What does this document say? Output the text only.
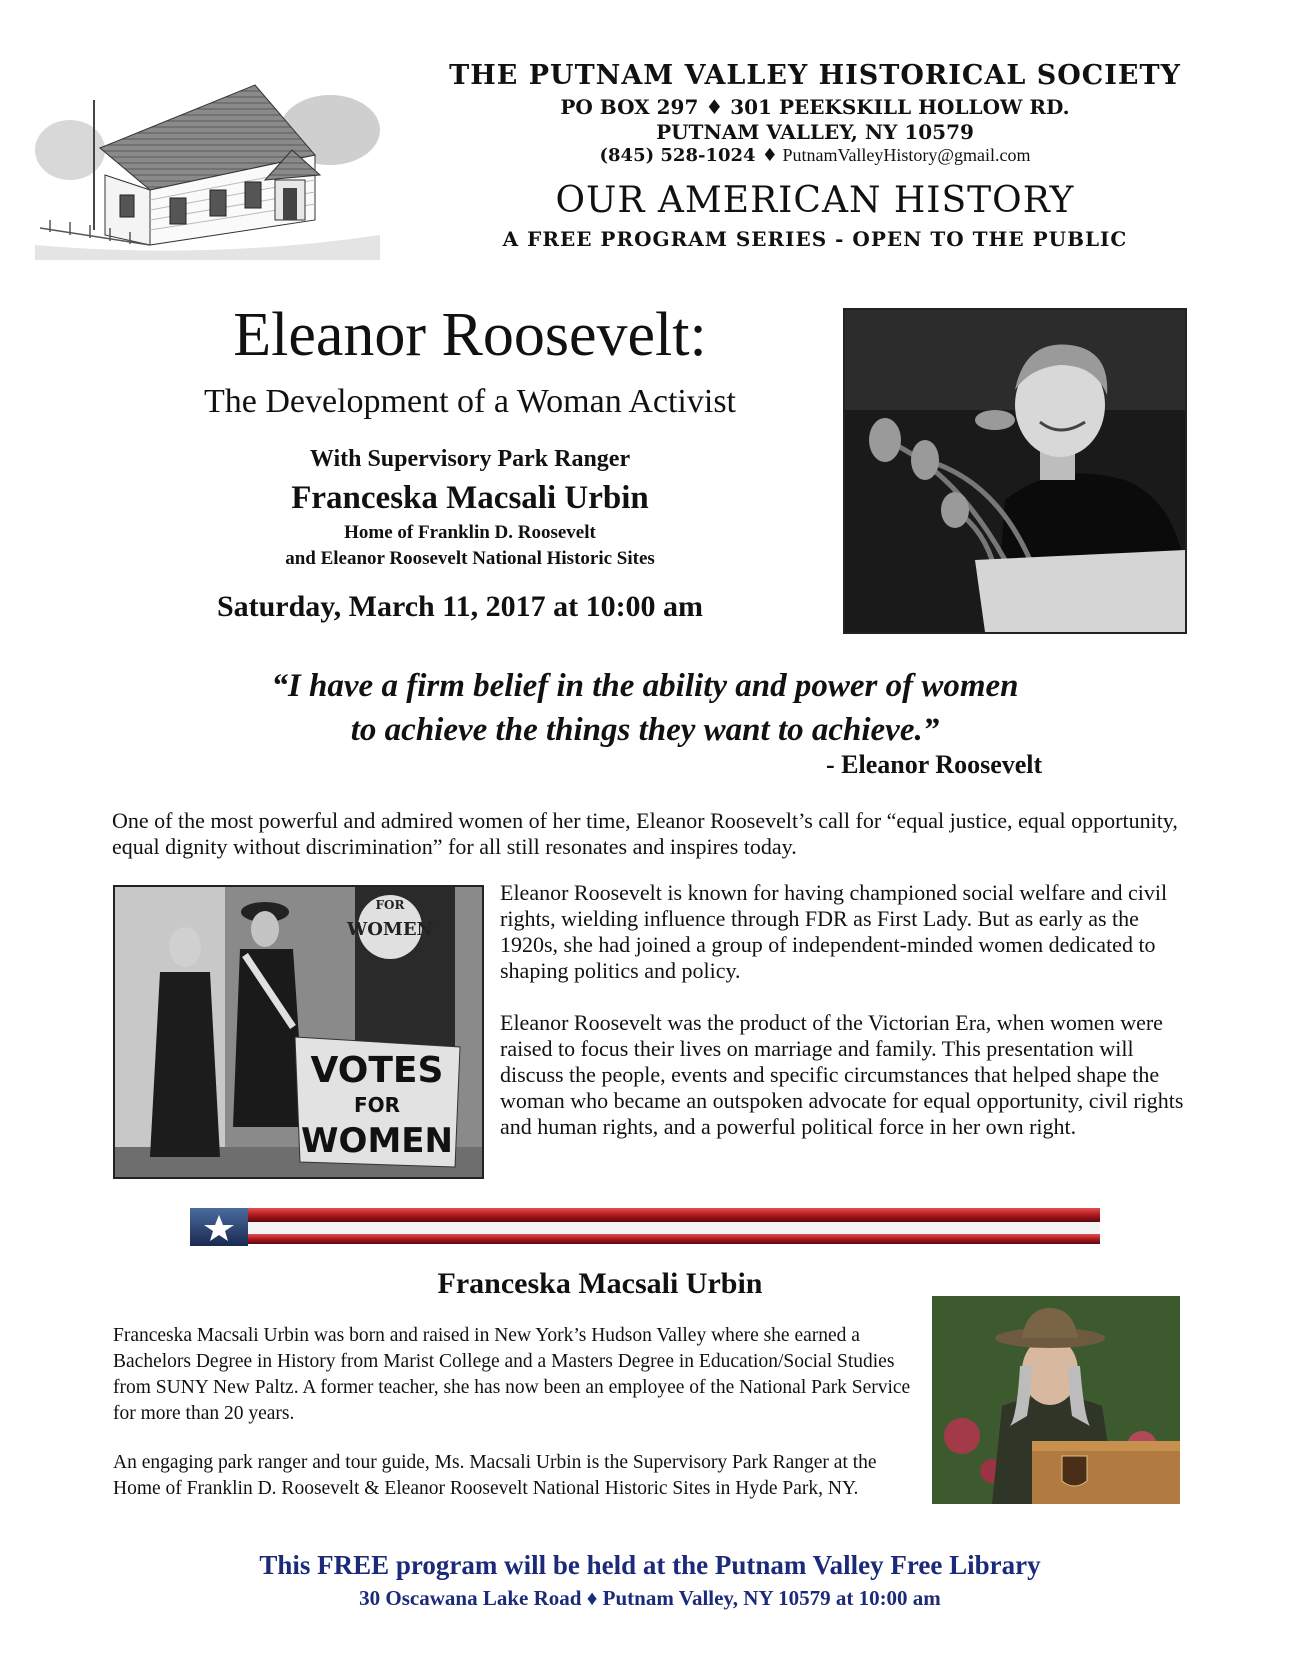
THE PUTNAM VALLEY HISTORICAL SOCIETY
PO BOX 297 ♦ 301 PEEKSKILL HOLLOW RD.
PUTNAM VALLEY, NY 10579
(845) 528-1024 ♦ PutnamValleyHistory@gmail.com
OUR AMERICAN HISTORY
A FREE PROGRAM SERIES - OPEN TO THE PUBLIC
Eleanor Roosevelt:
The Development of a Woman Activist
With Supervisory Park Ranger
Franceska Macsali Urbin
Home of Franklin D. Roosevelt
and Eleanor Roosevelt National Historic Sites
Saturday, March 11, 2017 at 10:00 am
“I have a firm belief in the ability and power of women
to achieve the things they want to achieve.”
- Eleanor Roosevelt
One of the most powerful and admired women of her time, Eleanor Roosevelt’s call for “equal justice, equal opportunity, equal dignity without discrimination” for all still resonates and inspires today.
FOR
WOMEN
VOTES
FOR
WOMEN
Eleanor Roosevelt is known for having championed social welfare and civil rights, wielding influence through FDR as First Lady. But as early as the 1920s, she had joined a group of independent-minded women dedicated to shaping politics and policy.
Eleanor Roosevelt was the product of the Victorian Era, when women were raised to focus their lives on marriage and family. This presentation will discuss the people, events and specific circumstances that helped shape the woman who became an outspoken advocate for equal opportunity, civil rights and human rights, and a powerful political force in her own right.
Franceska Macsali Urbin
Franceska Macsali Urbin was born and raised in New York’s Hudson Valley where she earned a Bachelors Degree in History from Marist College and a Masters Degree in Education/Social Studies from SUNY New Paltz. A former teacher, she has now been an employee of the National Park Service for more than 20 years.
An engaging park ranger and tour guide, Ms. Macsali Urbin is the Supervisory Park Ranger at the Home of Franklin D. Roosevelt & Eleanor Roosevelt National Historic Sites in Hyde Park, NY.
This FREE program will be held at the Putnam Valley Free Library
30 Oscawana Lake Road ♦ Putnam Valley, NY 10579 at 10:00 am
